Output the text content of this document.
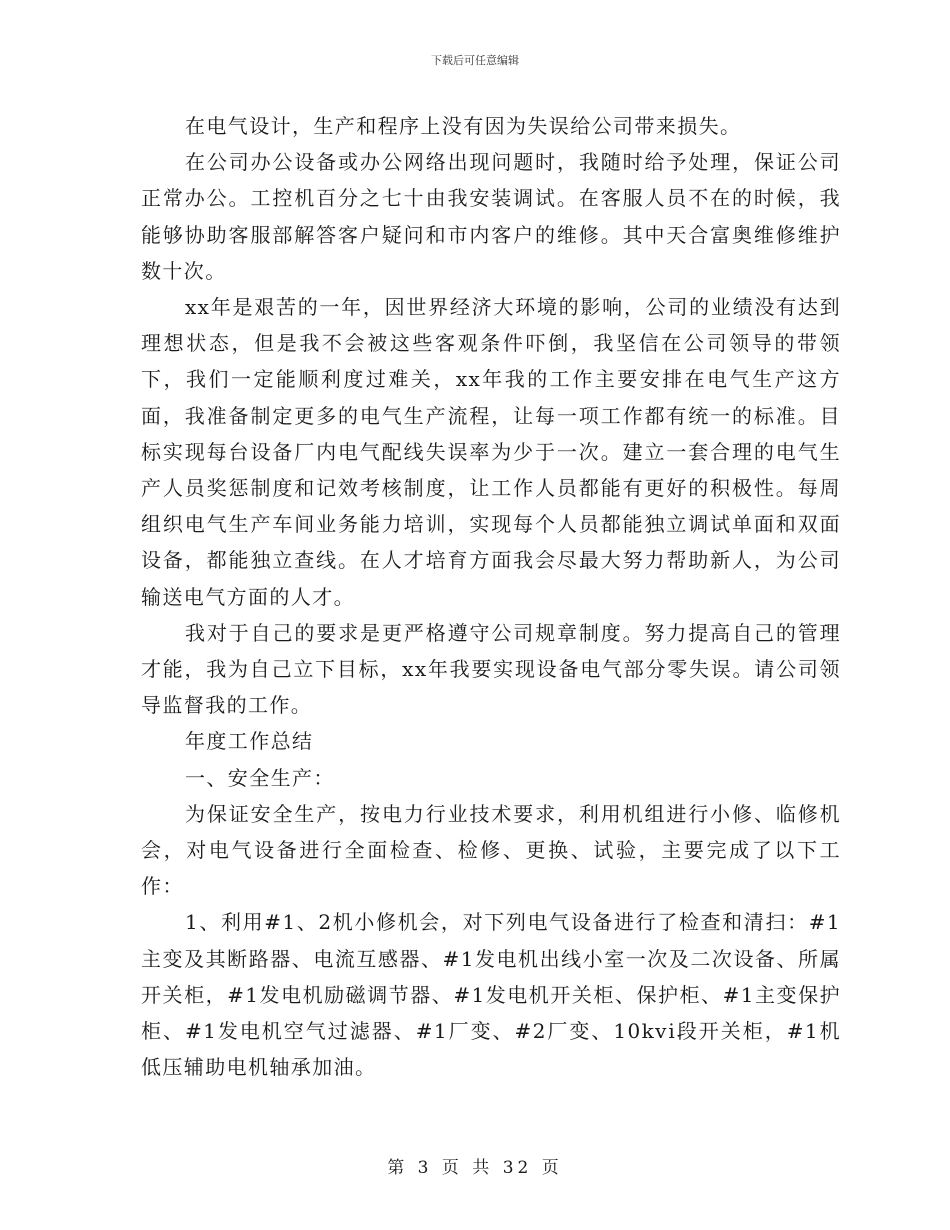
下载后可任意编辑

在电气设计，生产和程序上没有因为失误给公司带来损失。

在公司办公设备或办公网络出现问题时，我随时给予处理，保证公司正常办公。工控机百分之七十由我安装调试。在客服人员不在的时候，我能够协助客服部解答客户疑问和市内客户的维修。其中天合富奥维修维护数十次。

xx年是艰苦的一年，因世界经济大环境的影响，公司的业绩没有达到理想状态，但是我不会被这些客观条件吓倒，我坚信在公司领导的带领下，我们一定能顺利度过难关，xx年我的工作主要安排在电气生产这方面，我准备制定更多的电气生产流程，让每一项工作都有统一的标准。目标实现每台设备厂内电气配线失误率为少于一次。建立一套合理的电气生产人员奖惩制度和记效考核制度，让工作人员都能有更好的积极性。每周组织电气生产车间业务能力培训，实现每个人员都能独立调试单面和双面设备，都能独立查线。在人才培育方面我会尽最大努力帮助新人，为公司输送电气方面的人才。

我对于自己的要求是更严格遵守公司规章制度。努力提高自己的管理才能，我为自己立下目标，xx年我要实现设备电气部分零失误。请公司领导监督我的工作。

年度工作总结

一、安全生产：

为保证安全生产，按电力行业技术要求，利用机组进行小修、临修机会，对电气设备进行全面检查、检修、更换、试验，主要完成了以下工作：

1、利用#1、2机小修机会，对下列电气设备进行了检查和清扫：#1主变及其断路器、电流互感器、#1发电机出线小室一次及二次设备、所属开关柜，#1发电机励磁调节器、#1发电机开关柜、保护柜、#1主变保护柜、#1发电机空气过滤器、#1厂变、#2厂变、10kvⅰ段开关柜，#1机低压辅助电机轴承加油。

第 3 页 共 32 页
